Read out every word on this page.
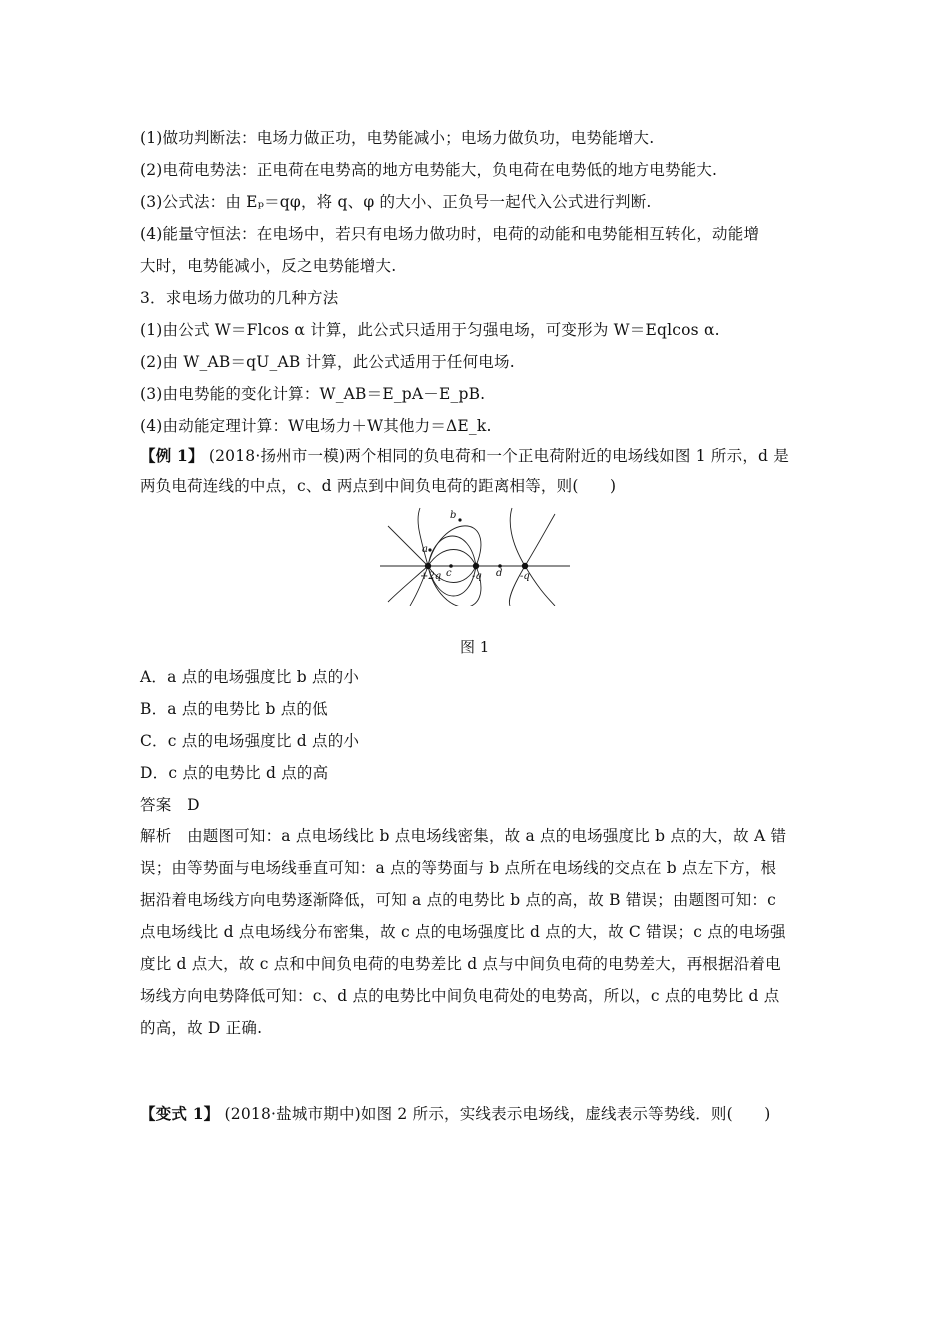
(1)做功判断法：电场力做正功，电势能减小；电场力做负功，电势能增大.
(2)电荷电势法：正电荷在电势高的地方电势能大，负电荷在电势低的地方电势能大.
(3)公式法：由 Eₚ＝qφ，将 q、φ 的大小、正负号一起代入公式进行判断.
(4)能量守恒法：在电场中，若只有电场力做功时，电荷的动能和电势能相互转化，动能增
大时，电势能减小，反之电势能增大.
3．求电场力做功的几种方法
(1)由公式 W＝Flcos α 计算，此公式只适用于匀强电场，可变形为 W＝Eqlcos α.
(2)由 W_AB＝qU_AB 计算，此公式适用于任何电场.
(3)由电势能的变化计算：W_AB＝E_pA－E_pB.
(4)由动能定理计算：W电场力＋W其他力＝ΔE_k.
【例 1】 (2018·扬州市一模)两个相同的负电荷和一个正电荷附近的电场线如图 1 所示，d 是
两负电荷连线的中点，c、d 两点到中间负电荷的距离相等，则(　　)
a
b
c	d
+2q	-q	-q
图 1
A．a 点的电场强度比 b 点的小
B．a 点的电势比 b 点的低
C．c 点的电场强度比 d 点的小
D．c 点的电势比 d 点的高
答案　D
解析　由题图可知：a 点电场线比 b 点电场线密集，故 a 点的电场强度比 b 点的大，故 A 错
误；由等势面与电场线垂直可知：a 点的等势面与 b 点所在电场线的交点在 b 点左下方，根
据沿着电场线方向电势逐渐降低，可知 a 点的电势比 b 点的高，故 B 错误；由题图可知：c
点电场线比 d 点电场线分布密集，故 c 点的电场强度比 d 点的大，故 C 错误；c 点的电场强
度比 d 点大，故 c 点和中间负电荷的电势差比 d 点与中间负电荷的电势差大，再根据沿着电
场线方向电势降低可知：c、d 点的电势比中间负电荷处的电势高，所以，c 点的电势比 d 点
的高，故 D 正确.
【变式 1】 (2018·盐城市期中)如图 2 所示，实线表示电场线，虚线表示等势线．则(　　)
